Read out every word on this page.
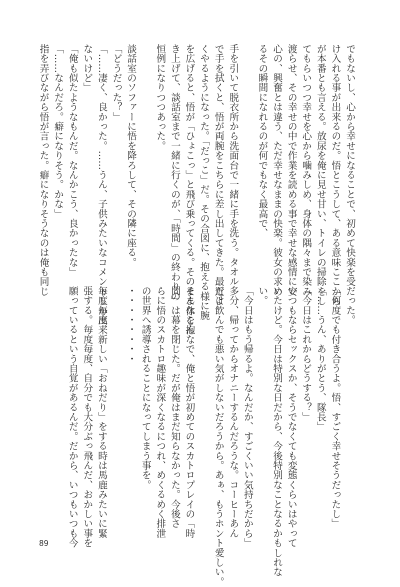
でもないし、心から幸せになることで、初めて快楽を受
け入れる事が出来るのだ。悟とこうして、ある意味ここから
が本番とも言える。放尿を俺に見せ甘い、トイレの掃除をし
てもらいつつ幸せを心から噛みしめ、身体の隅々まで染み
渡らせ、その幸せの中で作業を読める事で幸せな感情に安
心の、興奮とは違う、ただ幸せなままの快楽。彼女の求め
るその瞬間になれるのが何でもなく最高で、

手を引いて脱衣所から洗面台で一緒に手を洗う。タオル
で手を拭くと、悟が両腕をこちらに差し出してきた。最近よ
くやるようになった。「だっこ」だ。その合図に、抱える様に腕
を広げると、悟が「ひょこっ」と飛び乗ってくる。そのまま休を抱
き上げて、談話室まで一緒に行くのが、「時間」の終わりの
恒例になりつつあった。

談話室のソファーに悟を降ろして、その隣に座る。
「どうだった？」
「……凄く、良かった。……うん、子供みたいなコメントしか出来
ないけど」
「俺も似たようなもんだ。なんかこう、良かったな」
「……なんだろ。癖になりそう。かな」
指を弄びながら悟が言った。癖になりそうなのは俺も同じ
だった。
「何度でも付き合うよ。悟、すごく幸せそうだったし」
「……うん、ありがとう、隊長」
「今日はこれからどうする？」
いつもならセックスか、そうでなくても変態くらいはやって
いたけど。今日は特別な日だから、今後特別なことなるかもしれな
い。
「今日はもう帰るよ。なんだか、すごくいい気持ちだから」
多分、帰ってからオナニーするんだろうな。コーヒーあん
だけ飲んでも悪い気がしないだろうから。あぁ、もうホント愛しい。

そんなこんなで、俺と悟が初めてのスカトロプレイの「時
間」は幕を閉じた。だが俺はまだ知らなかった。今後さ
らに悟のスカトロ趣味が深くなるにつれ、めくるめく排泄
の世界へ誘導されることになってしまう事を。
・・・・・・・・

毎度毎度、新しい「おねだり」をする時は馬鹿みたいに緊
張する。毎度毎度、自分でも大分ぶっ飛んだ、おかしい事を
願っているという自覚があるんだ。だから、いつもいつも今
89
